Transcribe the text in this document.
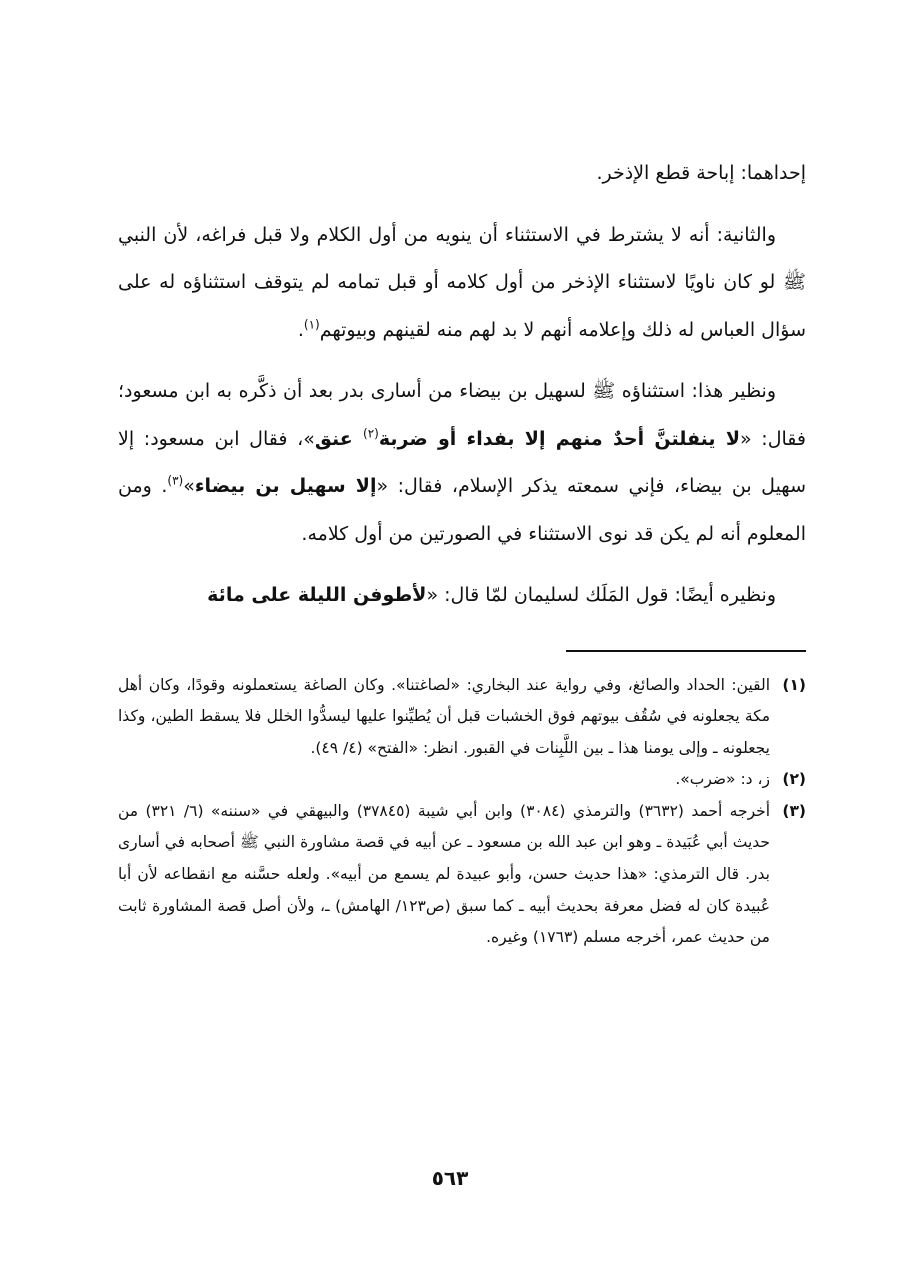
إحداهما: إباحة قطع الإذخر.

والثانية: أنه لا يشترط في الاستثناء أن ينويه من أول الكلام ولا قبل فراغه، لأن النبي ﷺ لو كان ناويًا لاستثناء الإذخر من أول كلامه أو قبل تمامه لم يتوقف استثناؤه له على سؤال العباس له ذلك وإعلامه أنهم لا بد لهم منه لقينهم وبيوتهم$^{(١)}$.

ونظير هذا: استثناؤه ﷺ لسهيل بن بيضاء من أسارى بدر بعد أن ذكَّره به ابن مسعود؛ فقال: «لا ينفلتنَّ أحدٌ منهم إلا بفداء أو ضربة$^{(٢)}$ عنق»، فقال ابن مسعود: إلا سهيل بن بيضاء، فإني سمعته يذكر الإسلام، فقال: «إلا سهيل بن بيضاء»$^{(٣)}$. ومن المعلوم أنه لم يكن قد نوى الاستثناء في الصورتين من أول كلامه.

ونظيره أيضًا: قول المَلَك لسليمان لمّا قال: «لأطوفن الليلة على مائة

(١)
القين: الحداد والصائغ، وفي رواية عند البخاري: «لصاغتنا». وكان الصاغة يستعملونه وقودًا، وكان أهل مكة يجعلونه في سُقُف بيوتهم فوق الخشبات قبل أن يُطيِّنوا عليها ليسدُّوا الخلل فلا يسقط الطين، وكذا يجعلونه ـ وإلى يومنا هذا ـ بين اللَّبِنات في القبور. انظر: «الفتح» (٤/ ٤٩).
(٢)
ز، د: «ضرب».
(٣)
أخرجه أحمد (٣٦٣٢) والترمذي (٣٠٨٤) وابن أبي شيبة (٣٧٨٤٥) والبيهقي في «سننه» (٦/ ٣٢١) من حديث أبي عُبَيدة ـ وهو ابن عبد الله بن مسعود ـ عن أبيه في قصة مشاورة النبي ﷺ أصحابه في أسارى بدر. قال الترمذي: «هذا حديث حسن، وأبو عبيدة لم يسمع من أبيه». ولعله حسَّنه مع انقطاعه لأن أبا عُبيدة كان له فضل معرفة بحديث أبيه ـ كما سبق (ص١٢٣/ الهامش) ـ، ولأن أصل قصة المشاورة ثابت من حديث عمر، أخرجه مسلم (١٧٦٣) وغيره.
٥٦٣
